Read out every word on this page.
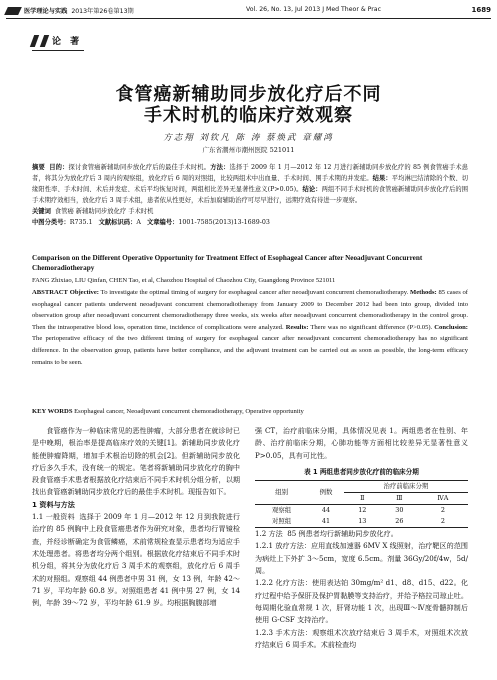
医学理论与实践 2013年第26卷第13期	Vol. 26, No. 13, Jul 2013 J Med Theor & Prac	1689
论 著
食管癌新辅助同步放化疗后不同
手术时机的临床疗效观察
方志翔 刘钦凡 陈 涛 蔡焕武 章耀鸿
广东省潮州市潮州医院 521011
摘要 目的：探讨食管癌新辅助同步放化疗后的最佳手术时机。方法：选择于 2009 年 1 月—2012 年 12 月进行新辅助同步放化疗的 85 例食管癌手术患者，将其分为放化疗后 3 周内的观察组，放化疗后 6 周的对照组，比较两组术中出血量、手术时间、围手术期的并发症。结果：平均淋巴结清除的个数、切缘阳性率、手术时间、术后并发症、术后平均恢复时间，两组相比差异无显著性意义(P>0.05)。结论：两组不同手术时机的食管癌新辅助同步放化疗后的围手术期疗效相当，放化疗后 3 周手术组，患者依从性更好，术后加腐辅助治疗可尽早进行，远期疗效有待进一步观察。
关键词 食管癌 新辅助同步放化疗 手术时机
中图分类号：R735.1 文献标识码：A 文章编号：1001-7585(2013)13-1689-03
Comparison on the Different Operative Opportunity for Treatment Effect of Esophageal Cancer after Neoadjuvant Concurrent Chemoradiotherapy
FANG Zhixiao, LIU Qinfan, CHEN Tao, et al, Chaozhou Hospital of Chaozhou City, Guangdong Province 521011
ABSTRACT Objective: To investigate the optimal timing of surgery for esophageal cancer after neoadjuvant concurrent chemoradiotherapy. Methods: 85 cases of esophageal cancer patients underwent neoadjuvant concurrent chemoradiotherapy from January 2009 to December 2012 had been into group, divided into observation group after neoadjuvant concurrent chemoradiotherapy three weeks, six weeks after neoadjuvant concurrent chemoradiotherapy in the control group. Then the intraoperative blood loss, operation time, incidence of complications were analyzed. Results: There was no significant difference (P>0.05). Conclusion: The perioperative efficacy of the two different timing of surgery for esophageal cancer after neoadjuvant concurrent chemoradiotherapy has no significant difference. In the observation group, patients have better compliance, and the adjuvant treatment can be carried out as soon as possible, the long-term efficacy remains to be seen.
KEY WORDS Esophageal cancer, Neoadjuvant concurrent chemoradiotherapy, Operative opportunity

食管癌作为一种临床常见的恶性肿瘤，大部分患者在就诊时已是中晚期，根治率是提高临床疗效的关键[1]。新辅助同步放化疗能使肿瘤降期，增加手术根治切除的机会[2]。但新辅助同步放化疗后多久手术，没有统一的规定。笔者将新辅助同步放化疗的胸中段食管癌手术患者根据放化疗结束后不同手术时机分组分析，以期找出食管癌新辅助同步放化疗后的最佳手术时机。现报告如下。

1 资料与方法

1.1 一般资料 选择于 2009 年 1 月—2012 年 12 月到我院进行治疗的 85 例胸中上段食管癌患者作为研究对象，患者均行胃镜检查，并经诊断确定为食管鳞癌，术前常规检查显示患者均为适应手术处理患者。将患者均分两个组别。根据放化疗结束后不同手术时机分组，将其分为放化疗后 3 周手术的观察组，放化疗后 6 周手术的对照组。观察组 44 例患者中男 31 例，女 13 例，年龄 42～71 岁，平均年龄 60.8 岁。对照组患者 41 例中男 27 例，女 14 例，年龄 39～72 岁，平均年龄 61.9 岁。均根据胸腹部增

强 CT，治疗前临床分期，具体情况见表 1。两组患者在性别、年龄、治疗前临床分期，心肺功能等方面相比较差异无显著性意义 P>0.05，具有可比性。

表 1 两组患者同步放化疗前的临床分期
组别	例数	治疗前临床分期		
		Ⅱ	Ⅲ	ⅣA
观察组	44	12	30	2
对照组	41	13	26	2

1.2 方法 85 例患者均行新辅助同步放化疗。

1.2.1 放疗方法：应用直线加速器 6MV X 线照射，治疗靶区的范围为病灶上下外扩 3～5cm，宽度 6.5cm。剂量 36Gy/20f/4w，5d/周。

1.2.2 化疗方法：使用表达铂 30mg/m² d1、d8、d15、d22。化疗过程中给予保肝及保护胃黏膜等支持治疗，并给予格拉司琼止吐。每周期化验血常规 1 次，肝肾功能 1 次，出现Ⅲ～Ⅳ度骨髓抑制后使用 G-CSF 支持治疗。

1.2.3 手术方法：观察组术次放疗结束后 3 周手术，对照组术次放疗结束后 6 周手术。术前检查均
